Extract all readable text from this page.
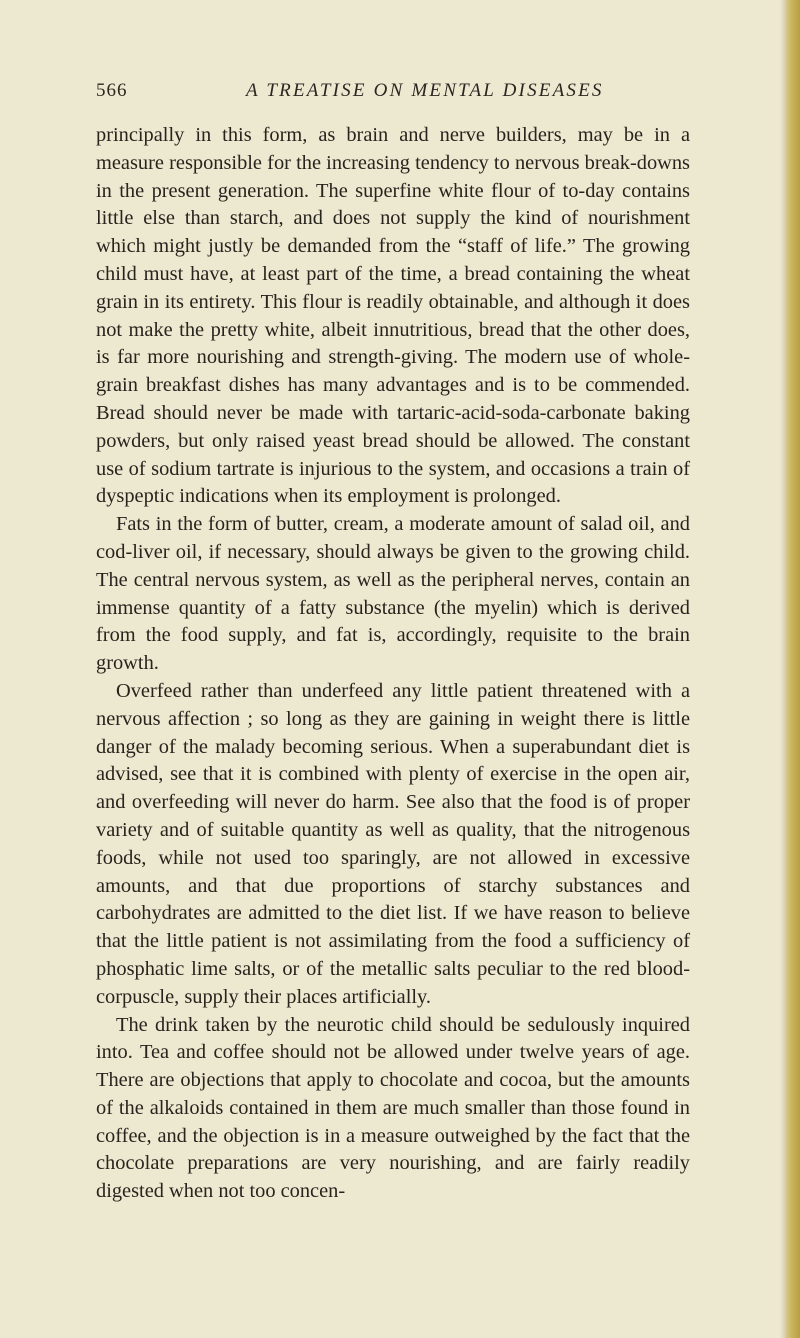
566	A TREATISE ON MENTAL DISEASES

principally in this form, as brain and nerve builders, may be in a measure responsible for the increasing tendency to nervous break-downs in the present generation. The superfine white flour of to-day contains little else than starch, and does not supply the kind of nourishment which might justly be demanded from the “staff of life.” The growing child must have, at least part of the time, a bread containing the wheat grain in its entirety. This flour is readily obtainable, and although it does not make the pretty white, albeit innutritious, bread that the other does, is far more nourishing and strength-giving. The modern use of whole-grain breakfast dishes has many advantages and is to be commended. Bread should never be made with tartaric-acid-soda-carbonate baking powders, but only raised yeast bread should be allowed. The constant use of sodium tartrate is injurious to the system, and occasions a train of dyspeptic indications when its employment is prolonged.

Fats in the form of butter, cream, a moderate amount of salad oil, and cod-liver oil, if necessary, should always be given to the growing child. The central nervous system, as well as the peripheral nerves, contain an immense quantity of a fatty substance (the myelin) which is derived from the food supply, and fat is, accordingly, requisite to the brain growth.

Overfeed rather than underfeed any little patient threatened with a nervous affection ; so long as they are gaining in weight there is little danger of the malady becoming serious. When a superabundant diet is advised, see that it is combined with plenty of exercise in the open air, and overfeeding will never do harm. See also that the food is of proper variety and of suitable quantity as well as quality, that the nitrogenous foods, while not used too sparingly, are not allowed in excessive amounts, and that due proportions of starchy substances and carbohydrates are admitted to the diet list. If we have reason to believe that the little patient is not assimilating from the food a sufficiency of phosphatic lime salts, or of the metallic salts peculiar to the red blood-corpuscle, supply their places artificially.

The drink taken by the neurotic child should be sedulously inquired into. Tea and coffee should not be allowed under twelve years of age. There are objections that apply to chocolate and cocoa, but the amounts of the alkaloids contained in them are much smaller than those found in coffee, and the objection is in a measure outweighed by the fact that the chocolate preparations are very nourishing, and are fairly readily digested when not too concen-
